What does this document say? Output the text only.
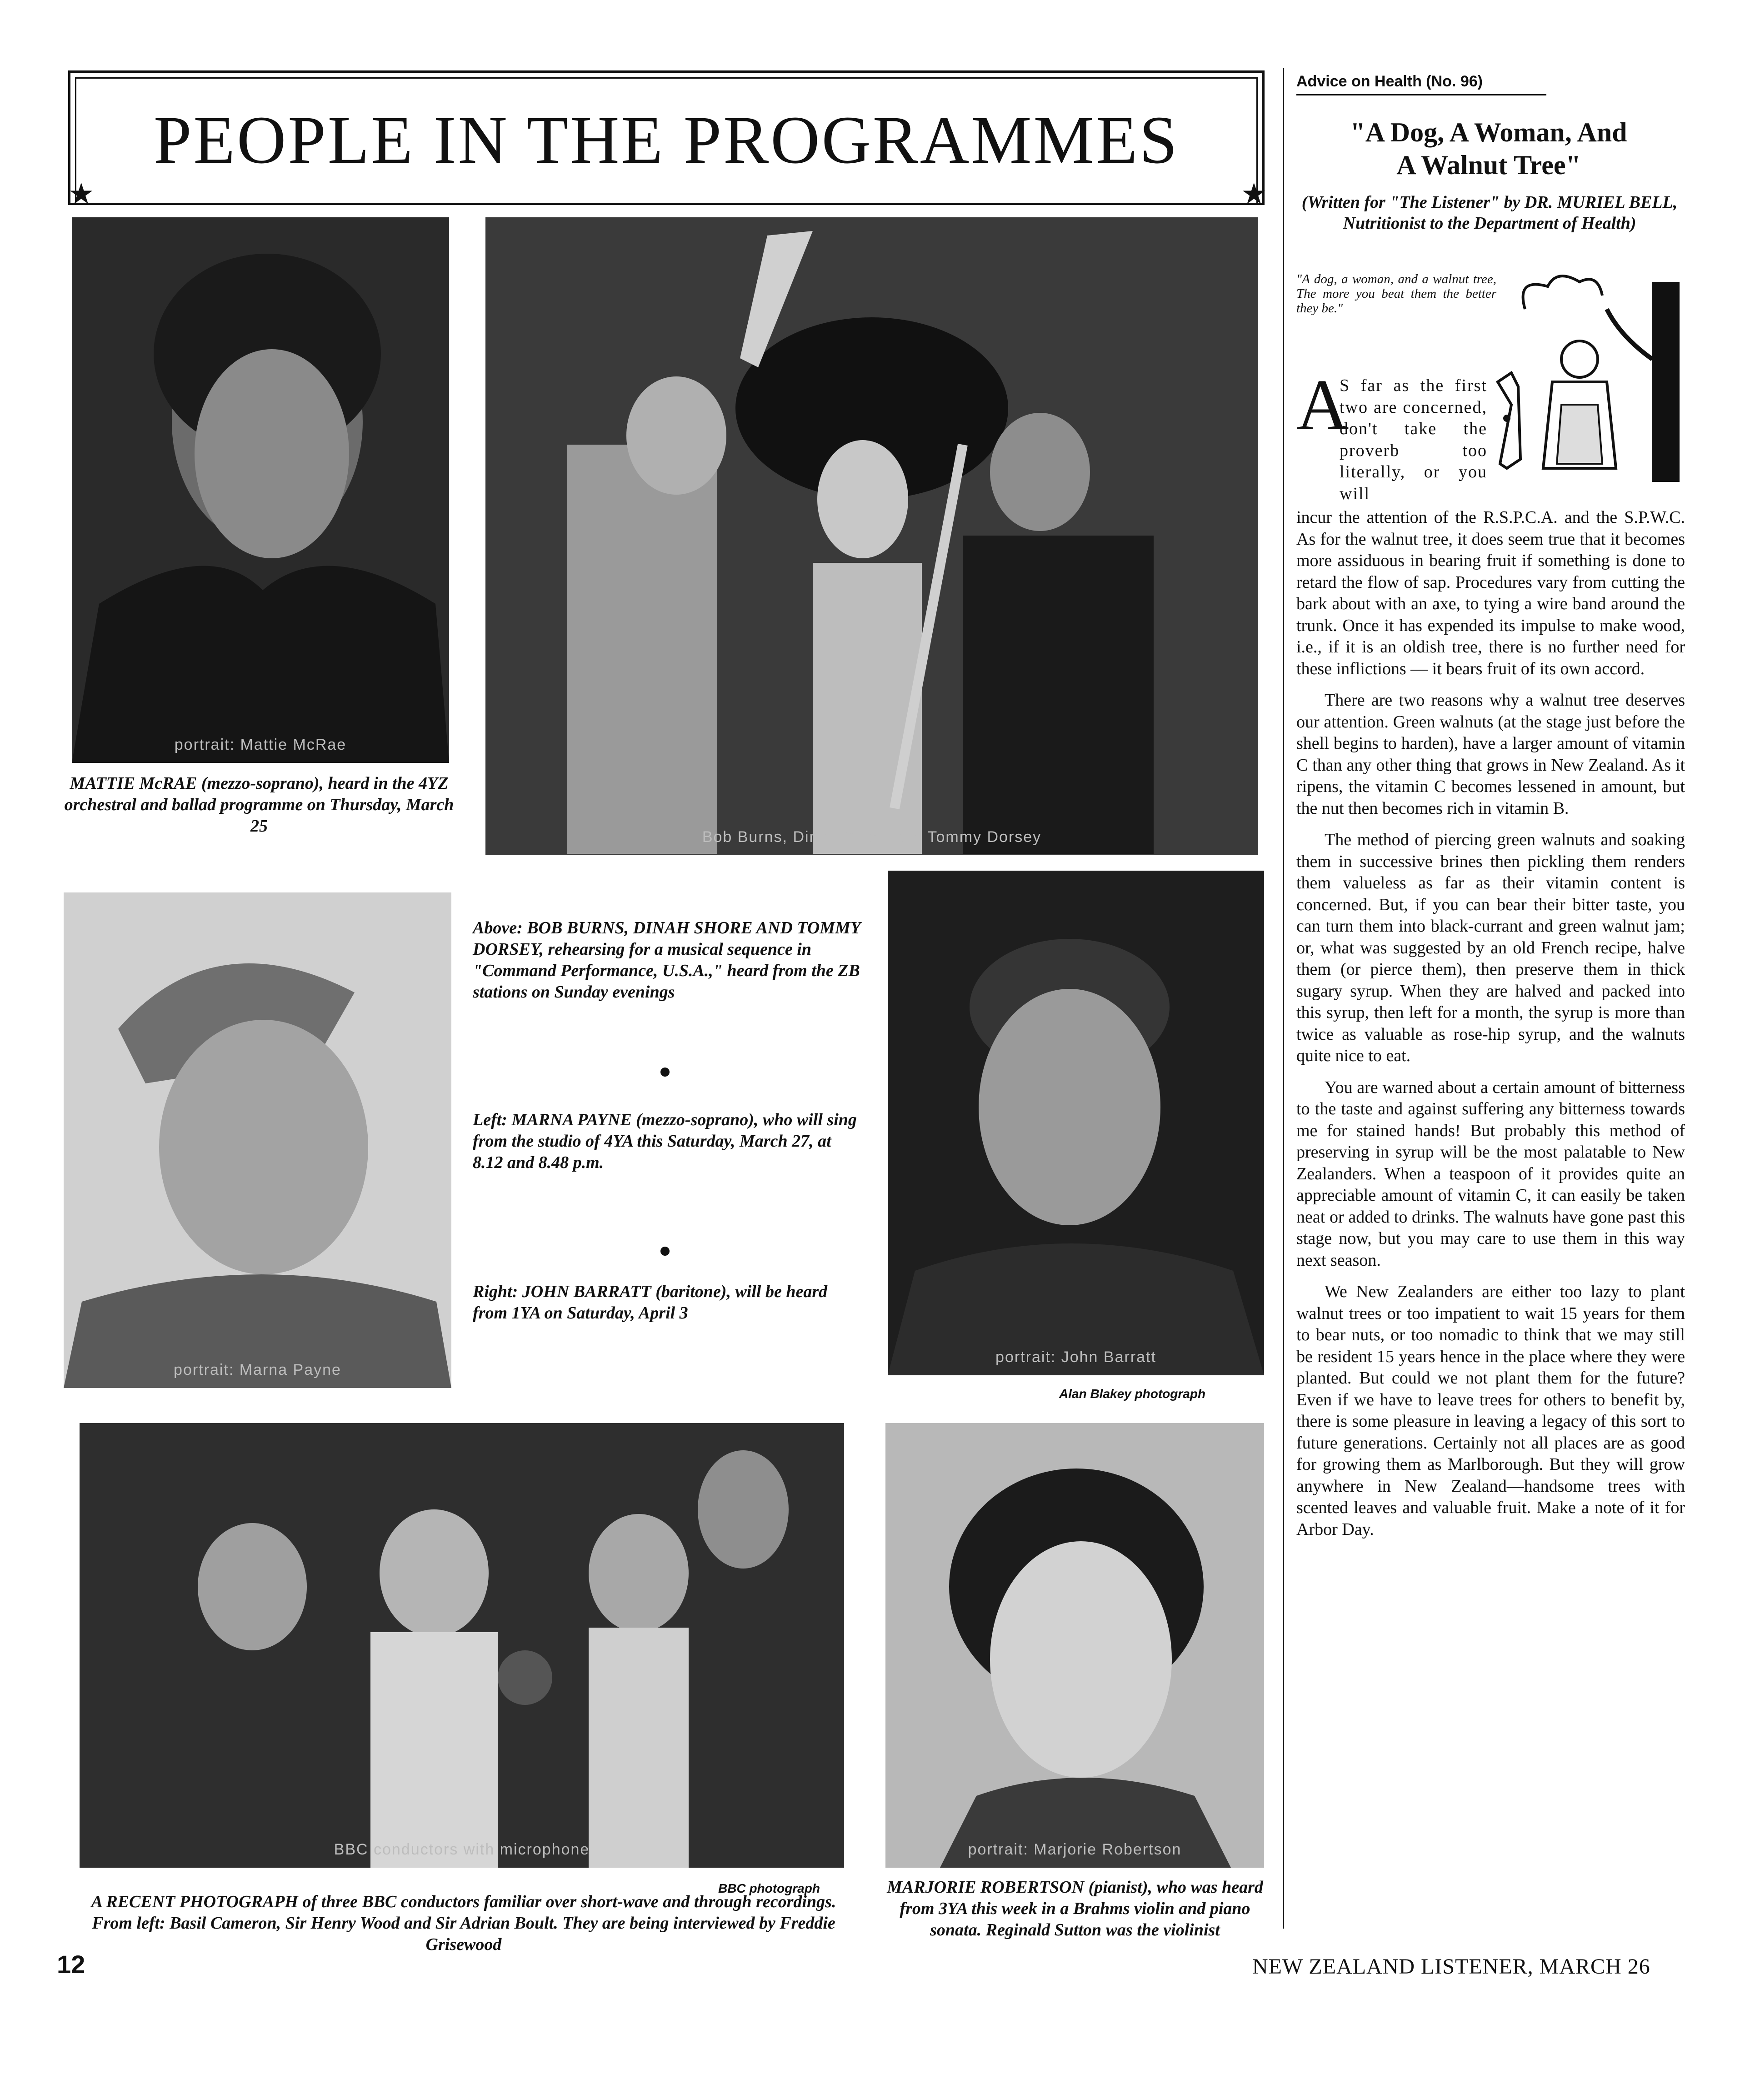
PEOPLE IN THE PROGRAMMES
★	★
portrait: Mattie McRae
MATTIE McRAE (mezzo-soprano), heard in the 4YZ orchestral and ballad programme on Thursday, March 25
Bob Burns, Dinah Shore and Tommy Dorsey
portrait: Marna Payne
Above: BOB BURNS, DINAH SHORE AND TOMMY DORSEY, rehearsing for a musical sequence in "Command Performance, U.S.A.," heard from the ZB stations on Sunday evenings
Left: MARNA PAYNE (mezzo-soprano), who will sing from the studio of 4YA this Saturday, March 27, at 8.12 and 8.48 p.m.
Right: JOHN BARRATT (baritone), will be heard from 1YA on Saturday, April 3
portrait: John Barratt
Alan Blakey photograph
BBC conductors with microphone
BBC photograph
A RECENT PHOTOGRAPH of three BBC conductors familiar over short-wave and through recordings. From left: Basil Cameron, Sir Henry Wood and Sir Adrian Boult. They are being interviewed by Freddie Grisewood
portrait: Marjorie Robertson
MARJORIE ROBERTSON (pianist), who was heard from 3YA this week in a Brahms violin and piano sonata. Reginald Sutton was the violinist
Advice on Health (No. 96)
"A Dog, A Woman, And
A Walnut Tree"
(Written for "The Listener" by DR. MURIEL BELL, Nutritionist to the Department of Health)
"A dog, a woman, and a walnut tree, The more you beat them the better they be."
A
S far as the first two are concerned, don't take the proverb too literally, or you will

incur the attention of the R.S.P.C.A. and the S.P.W.C. As for the walnut tree, it does seem true that it becomes more assiduous in bearing fruit if something is done to retard the flow of sap. Procedures vary from cutting the bark about with an axe, to tying a wire band around the trunk. Once it has expended its impulse to make wood, i.e., if it is an oldish tree, there is no further need for these inflictions — it bears fruit of its own accord.

There are two reasons why a walnut tree deserves our attention. Green walnuts (at the stage just before the shell begins to harden), have a larger amount of vitamin C than any other thing that grows in New Zealand. As it ripens, the vitamin C becomes lessened in amount, but the nut then becomes rich in vitamin B.

The method of piercing green walnuts and soaking them in successive brines then pickling them renders them valueless as far as their vitamin content is concerned. But, if you can bear their bitter taste, you can turn them into black-currant and green walnut jam; or, what was suggested by an old French recipe, halve them (or pierce them), then preserve them in thick sugary syrup. When they are halved and packed into this syrup, then left for a month, the syrup is more than twice as valuable as rose-hip syrup, and the walnuts quite nice to eat.

You are warned about a certain amount of bitterness to the taste and against suffering any bitterness towards me for stained hands! But probably this method of preserving in syrup will be the most palatable to New Zealanders. When a teaspoon of it provides quite an appreciable amount of vitamin C, it can easily be taken neat or added to drinks. The walnuts have gone past this stage now, but you may care to use them in this way next season.

We New Zealanders are either too lazy to plant walnut trees or too impatient to wait 15 years for them to bear nuts, or too nomadic to think that we may still be resident 15 years hence in the place where they were planted. But could we not plant them for the future? Even if we have to leave trees for others to benefit by, there is some pleasure in leaving a legacy of this sort to future generations. Certainly not all places are as good for growing them as Marlborough. But they will grow anywhere in New Zealand—handsome trees with scented leaves and valuable fruit. Make a note of it for Arbor Day.

12	NEW ZEALAND LISTENER, MARCH 26
